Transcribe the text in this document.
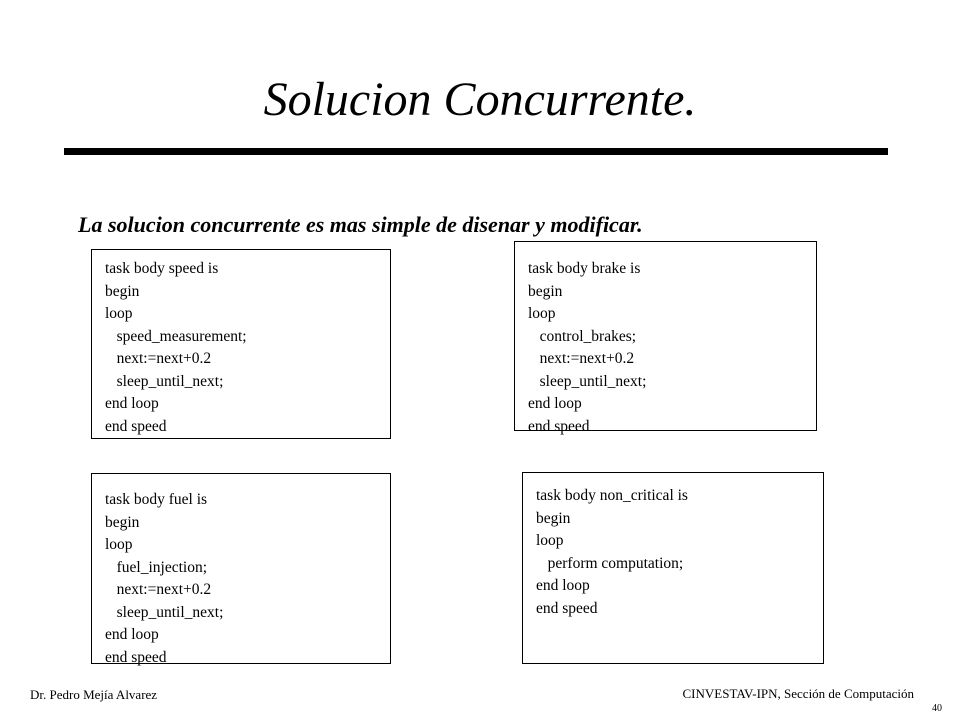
Solucion Concurrente.
La solucion concurrente es mas simple de disenar y modificar.
task body speed is
begin
loop
speed_measurement;
next:=next+0.2
sleep_until_next;
end loop
end speed
task body brake is
begin
loop
control_brakes;
next:=next+0.2
sleep_until_next;
end loop
end speed
task body fuel is
begin
loop
fuel_injection;
next:=next+0.2
sleep_until_next;
end loop
end speed
task body non_critical is
begin
loop
perform computation;
end loop
end speed
Dr. Pedro Mejía Alvarez	CINVESTAV-IPN, Sección de Computación
40
